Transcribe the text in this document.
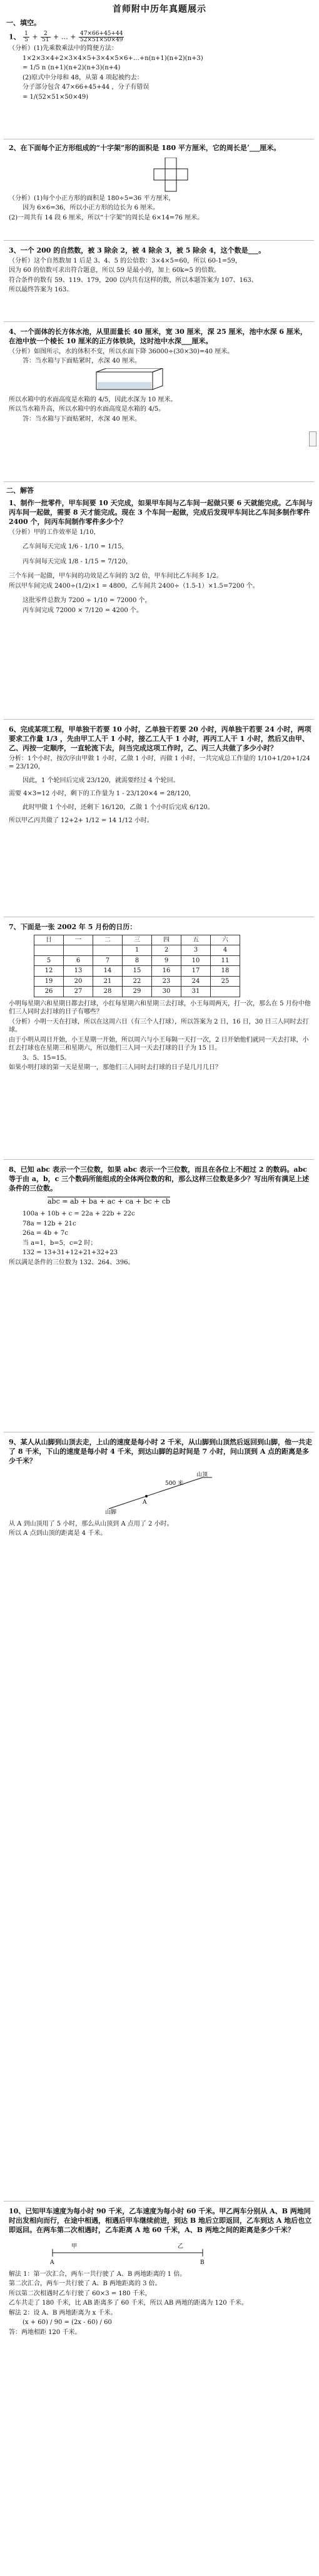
首师附中历年真题展示
一、填空。
1、 $\frac{1}{5} + \frac{2}{51}$ + … + $\frac{47\times 66+45+44}{52\times 51\times 50\times 49}$
（分析）(1)先乘数乘法中的简便方法：
1×2×3×4+2×3×4×5+3×4×5×6+…+n(n+1)(n+2)(n+3)
= 1/5 n (n+1)(n+2)(n+3)(n+4)
(2)原式中分母和 48，从第 4 项起被约去：
分子部分包含 47×66+45+44 ，分子有错误
= 1/(52×51×50×49)
2、在下面每个正方形组成的“十字架”形的面积是 180 平方厘米，它的周长是ʼ___厘米。
（分析）(1)每个小正方形的面积是 180÷5=36 平方厘米，
因为 6×6=36，所以小正方形的边长为 6 厘米。
(2)一周共有 14 段 6 厘米，所以“十字架”的周长是 6×14=76 厘米。
3、一个 200 的自然数，被 3 除余 2，被 4 除余 3，被 5 除余 4，这个数是___。
（分析）这个自然数加 1 后是 3、4、5 的公倍数：3×4×5=60，所以 60-1=59，
因为 60 的倍数可求出符合题意，所以 59 是最小的，加上 60k=5 的倍数。
符合条件的数有 59、119、179，200 以内共有这样的数，所以本题答案为 107、163、
所以最终答案为 163。
4、一个面体的长方体水池，从里面量长 40 厘米，宽 30 厘米，深 25 厘米，池中水深 6 厘米，在池中放一个棱长 10 厘米的正方体铁块，这时池中水深___厘米。
（分析）如图所示，水的体积不变，所以水面下降 36000÷(30×30)=40 厘米。
答：当水箱与下面贴紧时，水深 40 厘米。
所以水箱中的水面高度是水箱的 4/5，因此水深为 10 厘米。
所以当水箱升高，所以水箱中的水面高度是水箱的 4/5。
答：当水箱与下面贴紧时，水深 40 厘米。
二、解答
1、制作一批零件，甲车间要 10 天完成，如果甲车间与乙车间一起做只要 6 天就能完成。乙车间与丙车间一起做，需要 8 天才能完成。现在 3 个车间一起做，完成后发现甲车间比乙车间多制作零件 2400 个，问丙车间制作零件多少个？
（分析）甲的工作效率是 1/10，
乙车间每天完成 1/6 - 1/10 = 1/15，
丙车间每天完成 1/8 - 1/15 = 7/120，
三个车间一起做，甲车间的功效是乙车间的 3/2 倍，甲车间比乙车间多 1/2。
所以甲车间完成 2400÷(1/2)×1 = 4800，乙车间共 2400÷（1.5-1）×1.5=7200 个。
这批零件总数为 7200 ÷ 1/10 = 72000 个，
丙车间完成 72000 × 7/120 = 4200 个。
6、完成某项工程，甲单独干若要 10 小时，乙单独干若要 20 小时，丙单独干若要 24 小时，两项要求工作量 1/3 ，先由甲工人干 1 小时，接乙工人干 1 小时，再丙工人干 1 小时，然后又由甲、乙、丙按一定顺序，一直轮流下去，问当完成这项工作时，乙、丙三人共做了多少小时？
分析：1个小时，按次序由甲做 1 小时，乙做 1 小时，丙做 1 小时，一共完成总工作量的 1/10+1/20+1/24 = 23/120，
因此，1 个轮回后完成 23/120，就需要经过 4 个轮回。
需要 4×3=12 小时，剩下的工作量为 1 - 23/120×4 = 28/120，
此时甲做 1 个小时，还剩下 16/120，乙做 1 个小时后完成 6/120。
所以甲乙丙共做了 12+2+ 1/12 = 14 1/12 小时。
7、下面是一张 2002 年 5 月份的日历：
日	一	二	三	四	五	六
			1	2	3	4
5	6	7	8	9	10	11
12	13	14	15	16	17	18
19	20	21	22	23	24	25
26	27	28	29	30	31	
小明每星期六和星期日都去打球，小红每星期六和星期三去打球，小王每周两天，打一次，那么在 5 月份中他们三人同时去打球的日子有哪些？
（分析）小明一天在打球，所以在这周六日（有三个人打球），所以答案为 2 日，16 日，30 日三人同时去打球。
由于小明从周日开始，小王星期一开始，所以周六与小王每隔一天打一次，2 日开始他们就同一天去打球，小红去打球也在星期三和星期六，所以他们三人同一天去打球的日子为 15 日。
3、5、15=15。
如果小明打球的第一天是星期一，那他们三人同时去打球的日子是几月几日？
8、已知 abc 表示一个三位数，如果 abc 表示一个三位数，而且在各位上不超过 2 的数码。abc 等于由 a，b，c 三个数码所能组成的全体两位数的和，那么这样三位数是多少？写出所有满足上述条件的三位数。
abc = ab + ba + ac + ca + bc + cb
100a + 10b + c = 22a + 22b + 22c
78a = 12b + 21c
26a = 4b + 7c
当 a=1，b=5，c=2 时；
132 = 13+31+12+21+32+23
所以满足条件的三位数为 132、264、396。
9、某人从山脚到山顶去走，上山的速度是每小时 2 千米，从山脚到山顶然后返回到山脚，他一共走了 8 千米，下山的速度是每小时 4 千米，到达山脚的总时间是 7 小时，问山顶到 A 点的距离是多少千米？
山脚
山顶
500 米
A
从 A 到山顶用了 5 小时，那么从山顶到 A 点用了 2 小时。
所以 A 点到山顶的距离是 4 千米。
10、已知甲车速度为每小时 90 千米，乙车速度为每小时 60 千米。甲乙两车分别从 A、B 两地同时出发相向而行，在途中相遇，相遇后甲车继续前进，到达 B 地后立即返回，乙车到达 A 地后也立即返回。在两车第二次相遇时，乙车距离 A 地 60 千米，A、B 两地之间的距离是多少千米？
A	B
甲	乙
解法 1：第一次汇合，两车一共行驶了 A、B 两地距离的 1 倍。
第二次汇合，两车一共行驶了 A、B 两地距离的 3 倍。
所以第二次相遇时乙车行驶了 60×3 = 180 千米，
乙车共走了 180 千米，比 AB 距离多了 60 千米，所以 AB 两地的距离为 120 千米。
解法 2：设 A、B 两地距离为 x 千米。
(x + 60) / 90 = (2x - 60) / 60
答：两地相距 120 千米。
